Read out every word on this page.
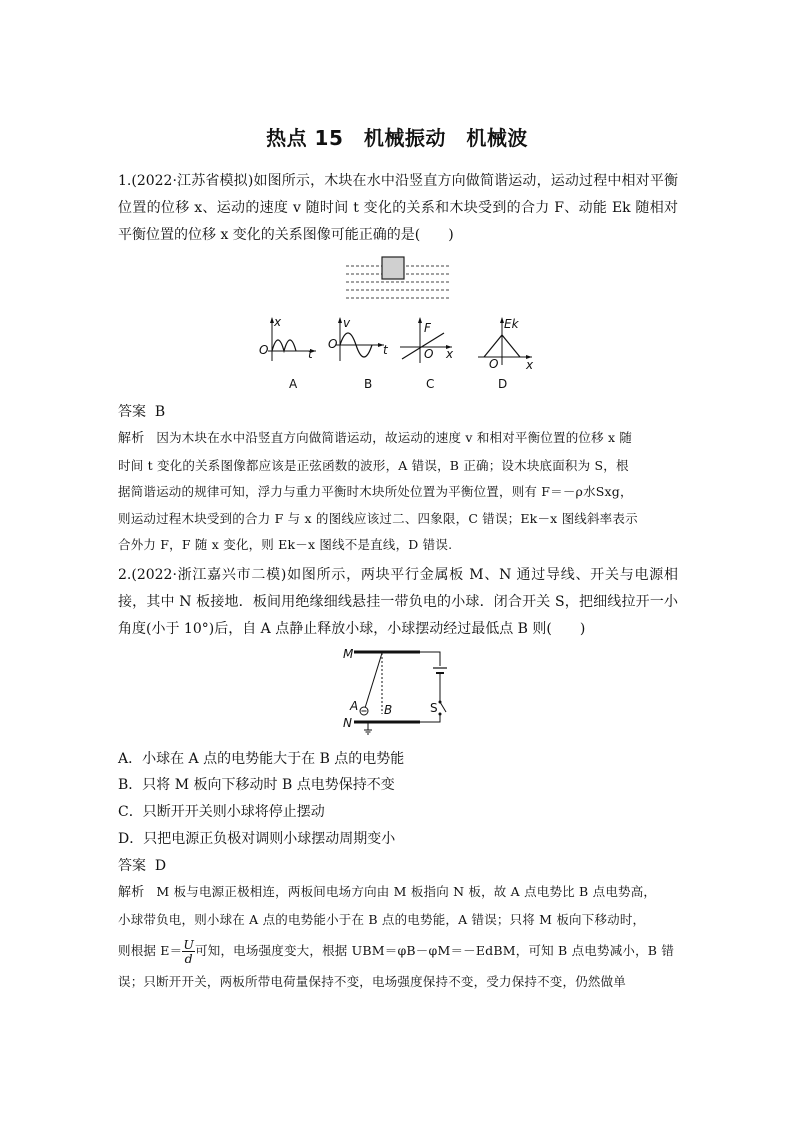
热点 15　机械振动　机械波
1.(2022·江苏省模拟)如图所示，木块在水中沿竖直方向做简谐运动，运动过程中相对平衡位置的位移 x、运动的速度 v 随时间 t 变化的关系和木块受到的合力 F、动能 Ek 随相对平衡位置的位移 x 变化的关系图像可能正确的是(　　)
x
O	t
v
O	t
F
O x
Ek
O x
A	B	C	D
答案 B
解析 因为木块在水中沿竖直方向做简谐运动，故运动的速度 v 和相对平衡位置的位移 x 随
时间 t 变化的关系图像都应该是正弦函数的波形，A 错误，B 正确；设木块底面积为 S，根
据简谐运动的规律可知，浮力与重力平衡时木块所处位置为平衡位置，则有 F＝－ρ水Sxg，
则运动过程木块受到的合力 F 与 x 的图线应该过二、四象限，C 错误；Ek－x 图线斜率表示
合外力 F，F 随 x 变化，则 Ek－x 图线不是直线，D 错误.
2.(2022·浙江嘉兴市二模)如图所示，两块平行金属板 M、N 通过导线、开关与电源相接，其中 N 板接地．板间用绝缘细线悬挂一带负电的小球．闭合开关 S，把细线拉开一小角度(小于 10°)后，自 A 点静止释放小球，小球摆动经过最低点 B 则(　　)
M
N
A B	S
A．小球在 A 点的电势能大于在 B 点的电势能
B．只将 M 板向下移动时 B 点电势保持不变
C．只断开开关则小球将停止摆动
D．只把电源正负极对调则小球摆动周期变小
答案 D
解析 M 板与电源正极相连，两板间电场方向由 M 板指向 N 板，故 A 点电势比 B 点电势高，
小球带负电，则小球在 A 点的电势能小于在 B 点的电势能，A 错误；只将 M 板向下移动时，
则根据 $E= \frac{U}{d}$ 可知，电场强度变大，根据 UBM＝φB－φM＝－EdBM，可知 B 点电势减小，B 错
误；只断开开关，两板所带电荷量保持不变，电场强度保持不变，受力保持不变，仍然做单
